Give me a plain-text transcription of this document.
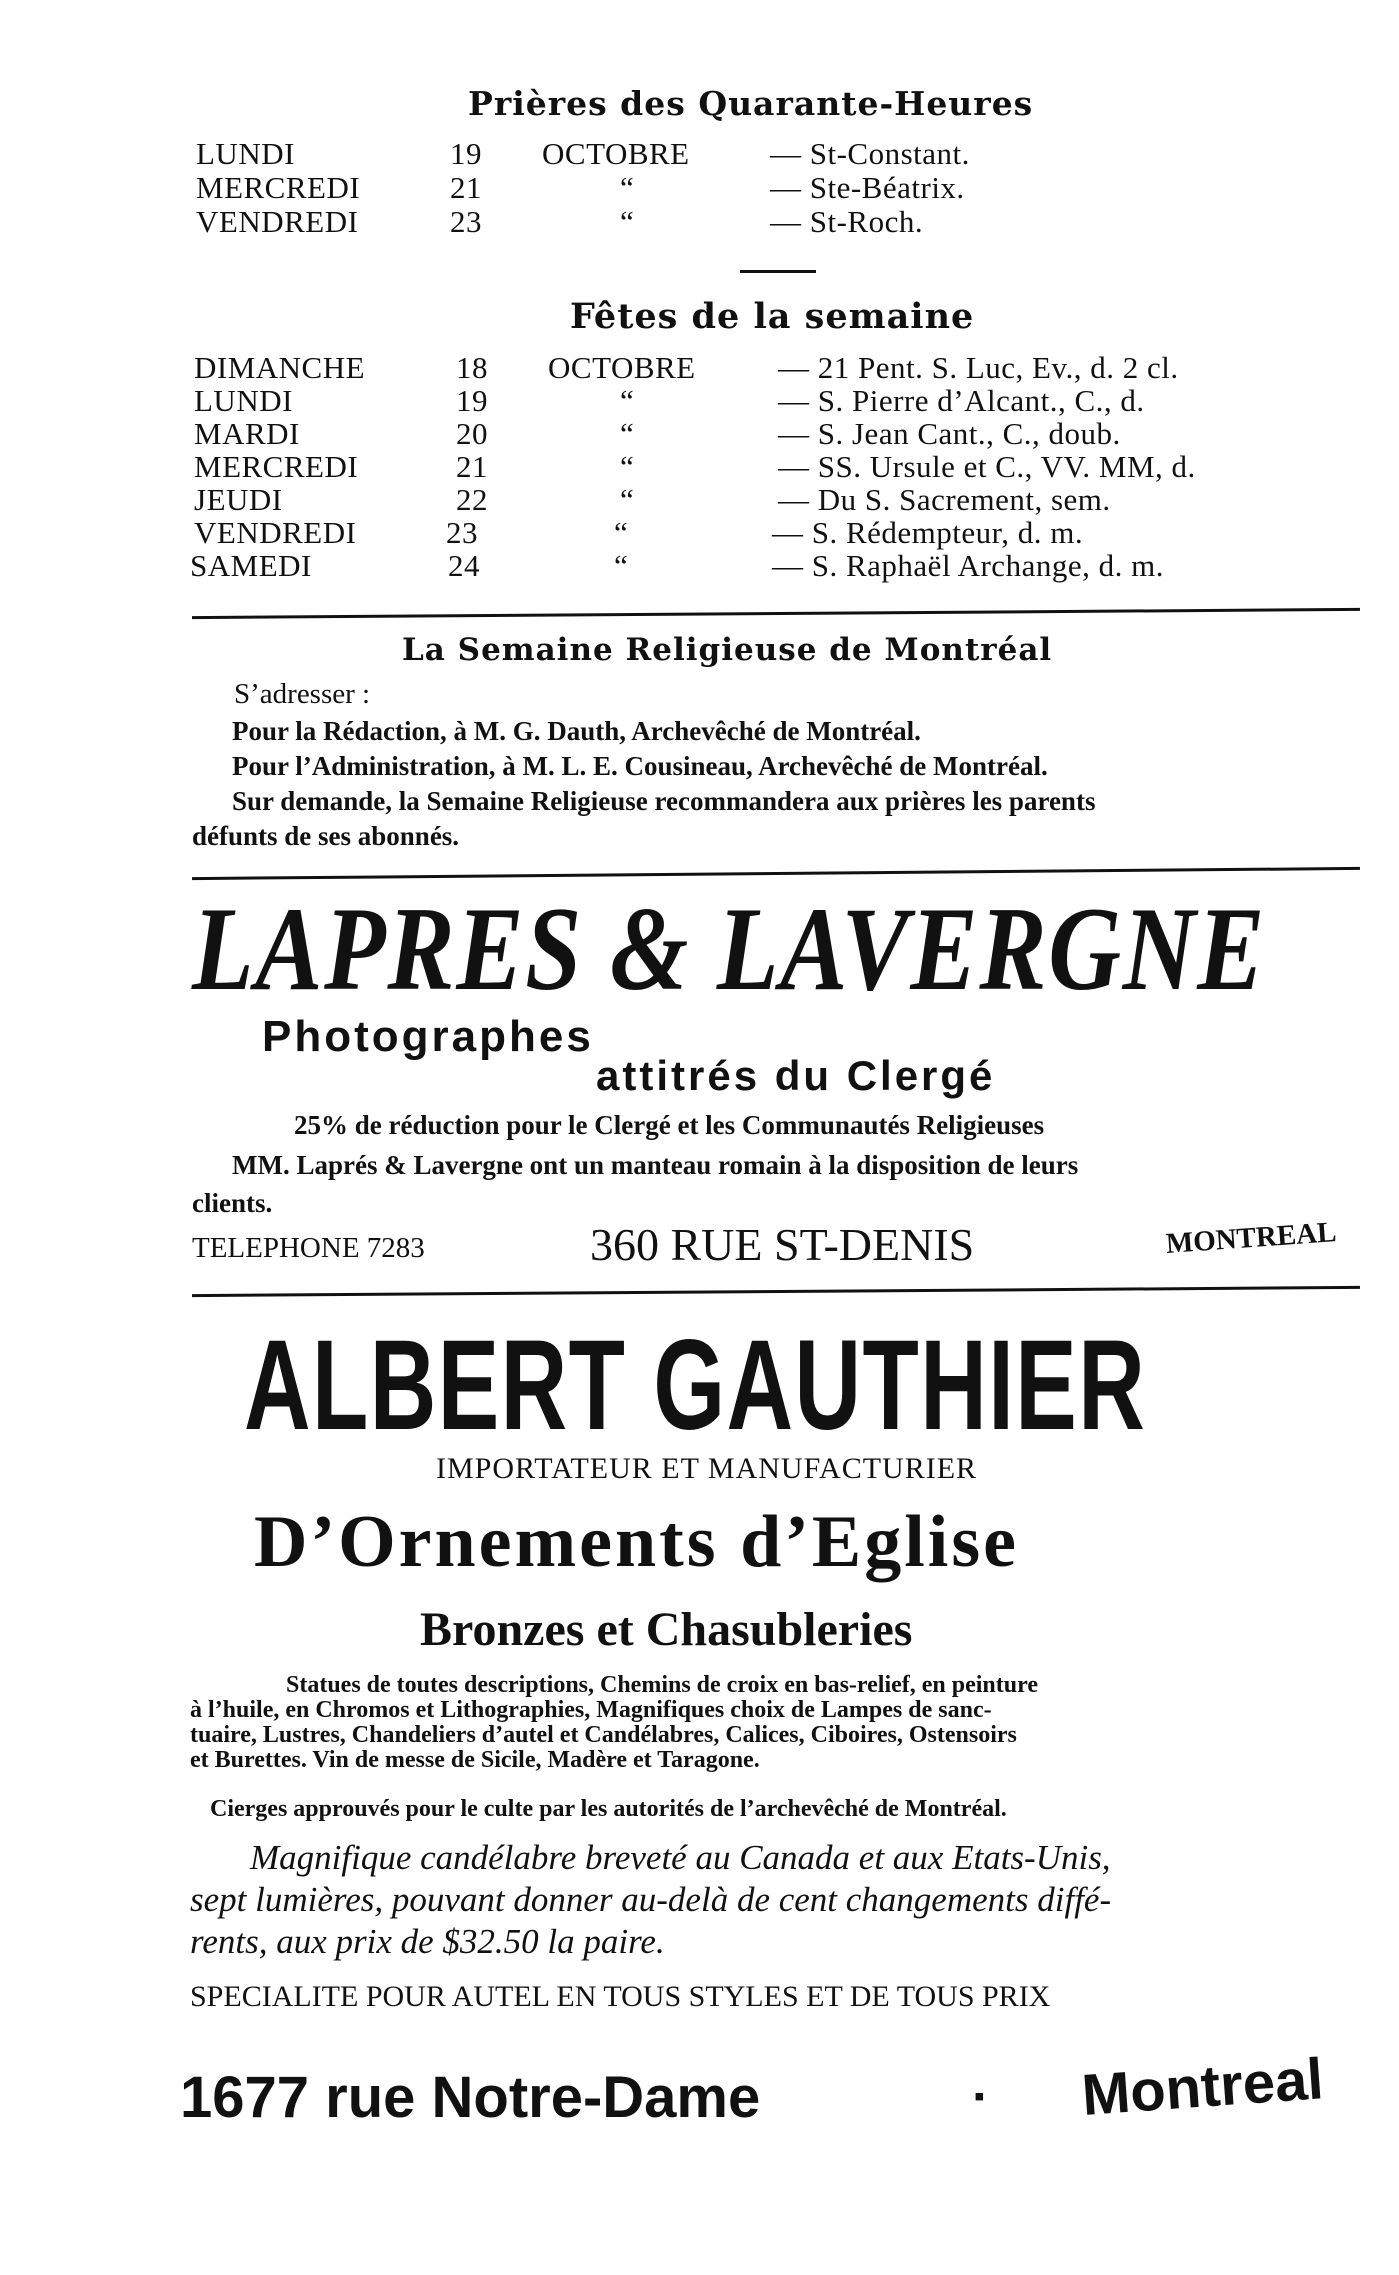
Prières des Quarante-Heures
LUNDI	19 OCTOBRE	— St-Constant.
MERCREDI	21	“	— Ste-Béatrix.
VENDREDI	23	“	— St-Roch.
Fêtes de la semaine
DIMANCHE	18 OCTOBRE	— 21 Pent. S. Luc, Ev., d. 2 cl.
LUNDI	19	“	— S. Pierre d’Alcant., C., d.
MARDI	20	“	— S. Jean Cant., C., doub.
MERCREDI	21	“	— SS. Ursule et C., VV. MM, d.
JEUDI	22	“	— Du S. Sacrement, sem.
VENDREDI	23	“	— S. Rédempteur, d. m.
SAMEDI	24	“	— S. Raphaël Archange, d. m.
La Semaine Religieuse de Montréal
S’adresser :
Pour la Rédaction, à M. G. Dauth, Archevêché de Montréal.
Pour l’Administration, à M. L. E. Cousineau, Archevêché de Montréal.
Sur demande, la Semaine Religieuse recommandera aux prières les parents
défunts de ses abonnés.
LAPRES & LAVERGNE
Photographes
attitrés du Clergé
25% de réduction pour le Clergé et les Communautés Religieuses
MM. Laprés & Lavergne ont un manteau romain à la disposition de leurs
clients.
TELEPHONE 7283	360 RUE ST-DENIS	MONTREAL
ALBERT GAUTHIER
IMPORTATEUR ET MANUFACTURIER
D’Ornements d’Eglise
Bronzes et Chasubleries
Statues de toutes descriptions, Chemins de croix en bas-relief, en peinture
à l’huile, en Chromos et Lithographies, Magnifiques choix de Lampes de sanc-
tuaire, Lustres, Chandeliers d’autel et Candélabres, Calices, Ciboires, Ostensoirs
et Burettes. Vin de messe de Sicile, Madère et Taragone.
Cierges approuvés pour le culte par les autorités de l’archevêché de Montréal.
Magnifique candélabre breveté au Canada et aux Etats-Unis,
sept lumières, pouvant donner au-delà de cent changements diffé-
rents, aux prix de $32.50 la paire.
SPECIALITE POUR AUTEL EN TOUS STYLES ET DE TOUS PRIX
1677 rue Notre-Dame	▪ Montreal
